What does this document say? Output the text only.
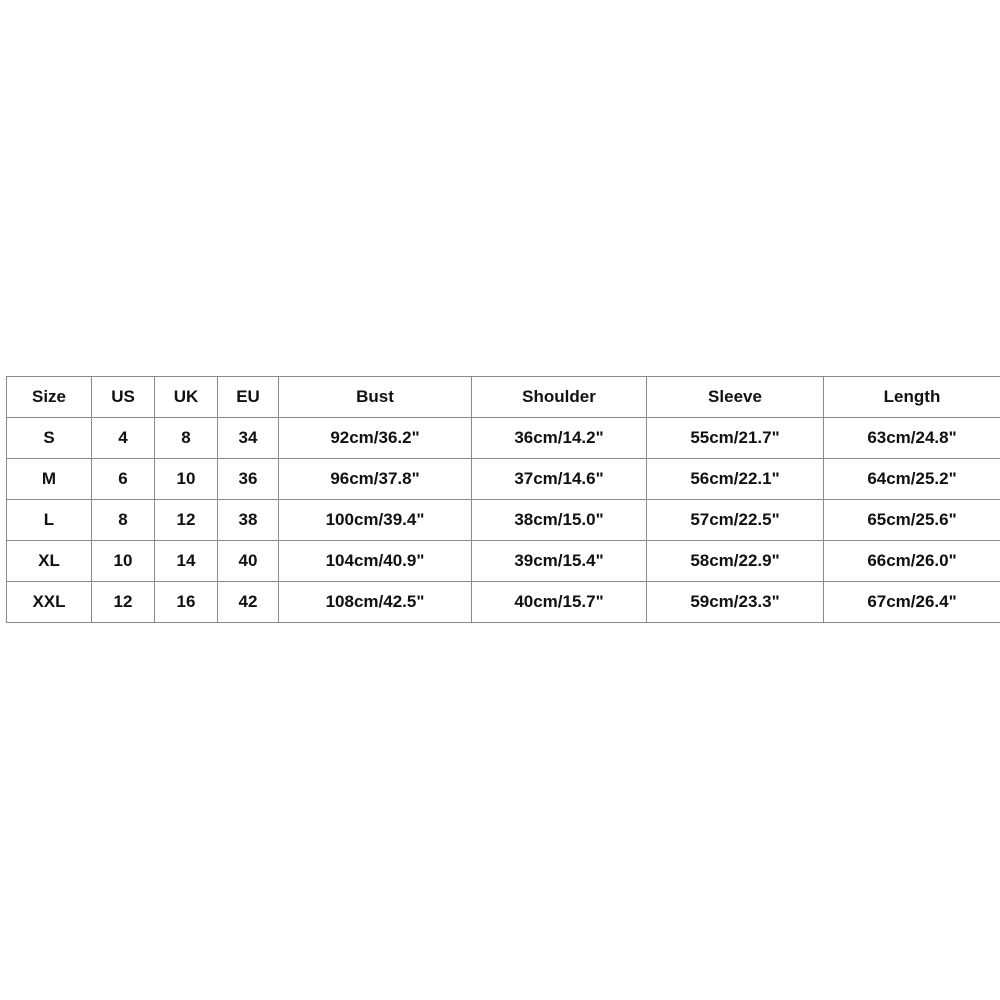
Size	US	UK	EU	Bust	Shoulder	Sleeve	Length
S	4	8	34	92cm/36.2"	36cm/14.2"	55cm/21.7"	63cm/24.8"
M	6	10	36	96cm/37.8"	37cm/14.6"	56cm/22.1"	64cm/25.2"
L	8	12	38	100cm/39.4"	38cm/15.0"	57cm/22.5"	65cm/25.6"
XL	10	14	40	104cm/40.9"	39cm/15.4"	58cm/22.9"	66cm/26.0"
XXL	12	16	42	108cm/42.5"	40cm/15.7"	59cm/23.3"	67cm/26.4"
